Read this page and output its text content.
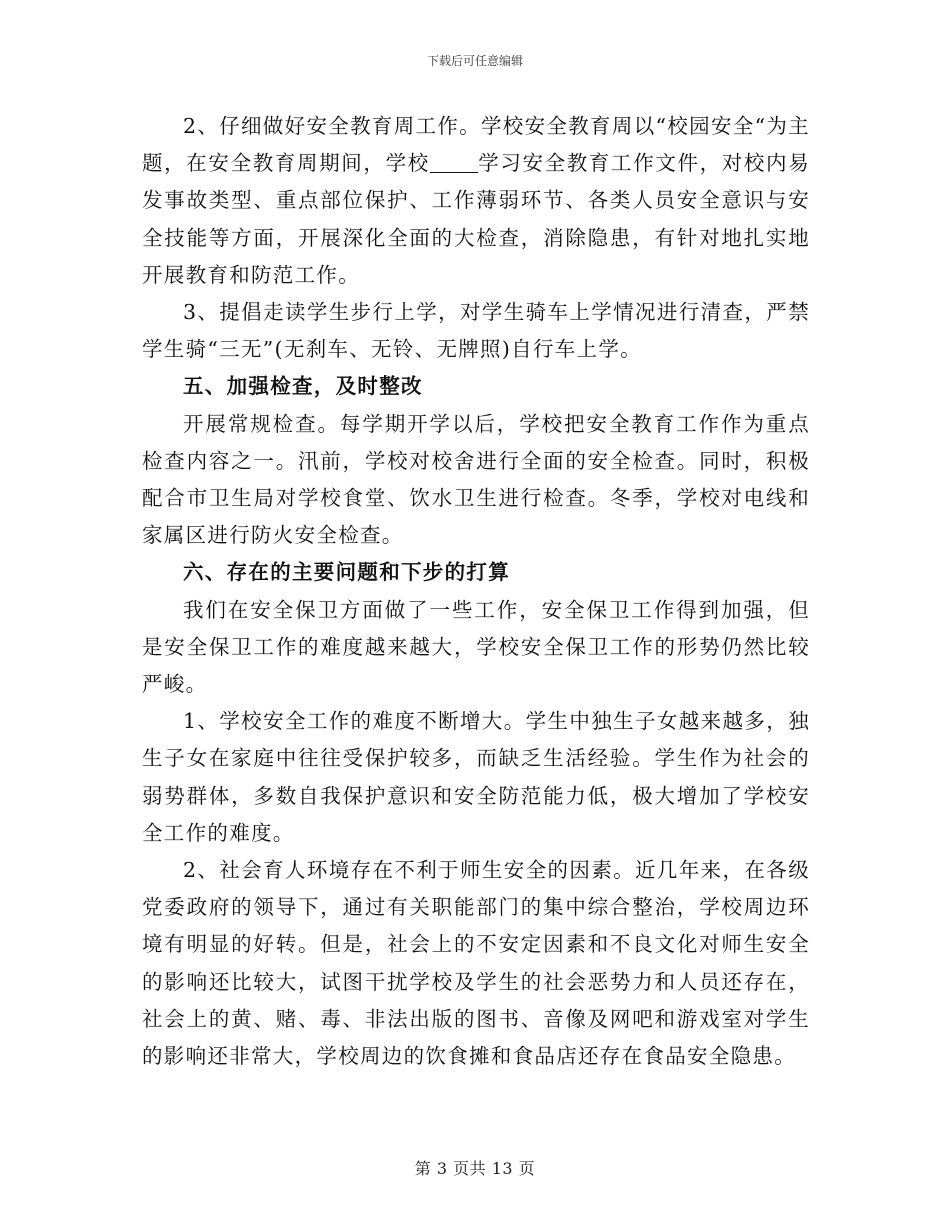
下载后可任意编辑

2、仔细做好安全教育周工作。学校安全教育周以“校园安全“为主题，在安全教育周期间，学校 学习安全教育工作文件，对校内易发事故类型、重点部位保护、工作薄弱环节、各类人员安全意识与安全技能等方面，开展深化全面的大检查，消除隐患，有针对地扎实地开展教育和防范工作。

3、提倡走读学生步行上学，对学生骑车上学情况进行清查，严禁学生骑“三无”(无刹车、无铃、无牌照)自行车上学。

五、加强检查，及时整改

开展常规检查。每学期开学以后，学校把安全教育工作作为重点检查内容之一。汛前，学校对校舍进行全面的安全检查。同时，积极配合市卫生局对学校食堂、饮水卫生进行检查。冬季，学校对电线和家属区进行防火安全检查。

六、存在的主要问题和下步的打算

我们在安全保卫方面做了一些工作，安全保卫工作得到加强，但是安全保卫工作的难度越来越大，学校安全保卫工作的形势仍然比较严峻。

1、学校安全工作的难度不断增大。学生中独生子女越来越多，独生子女在家庭中往往受保护较多，而缺乏生活经验。学生作为社会的弱势群体，多数自我保护意识和安全防范能力低，极大增加了学校安全工作的难度。

2、社会育人环境存在不利于师生安全的因素。近几年来，在各级党委政府的领导下，通过有关职能部门的集中综合整治，学校周边环境有明显的好转。但是，社会上的不安定因素和不良文化对师生安全的影响还比较大，试图干扰学校及学生的社会恶势力和人员还存在，社会上的黄、赌、毒、非法出版的图书、音像及网吧和游戏室对学生的影响还非常大，学校周边的饮食摊和食品店还存在食品安全隐患。

第 3 页共 13 页
